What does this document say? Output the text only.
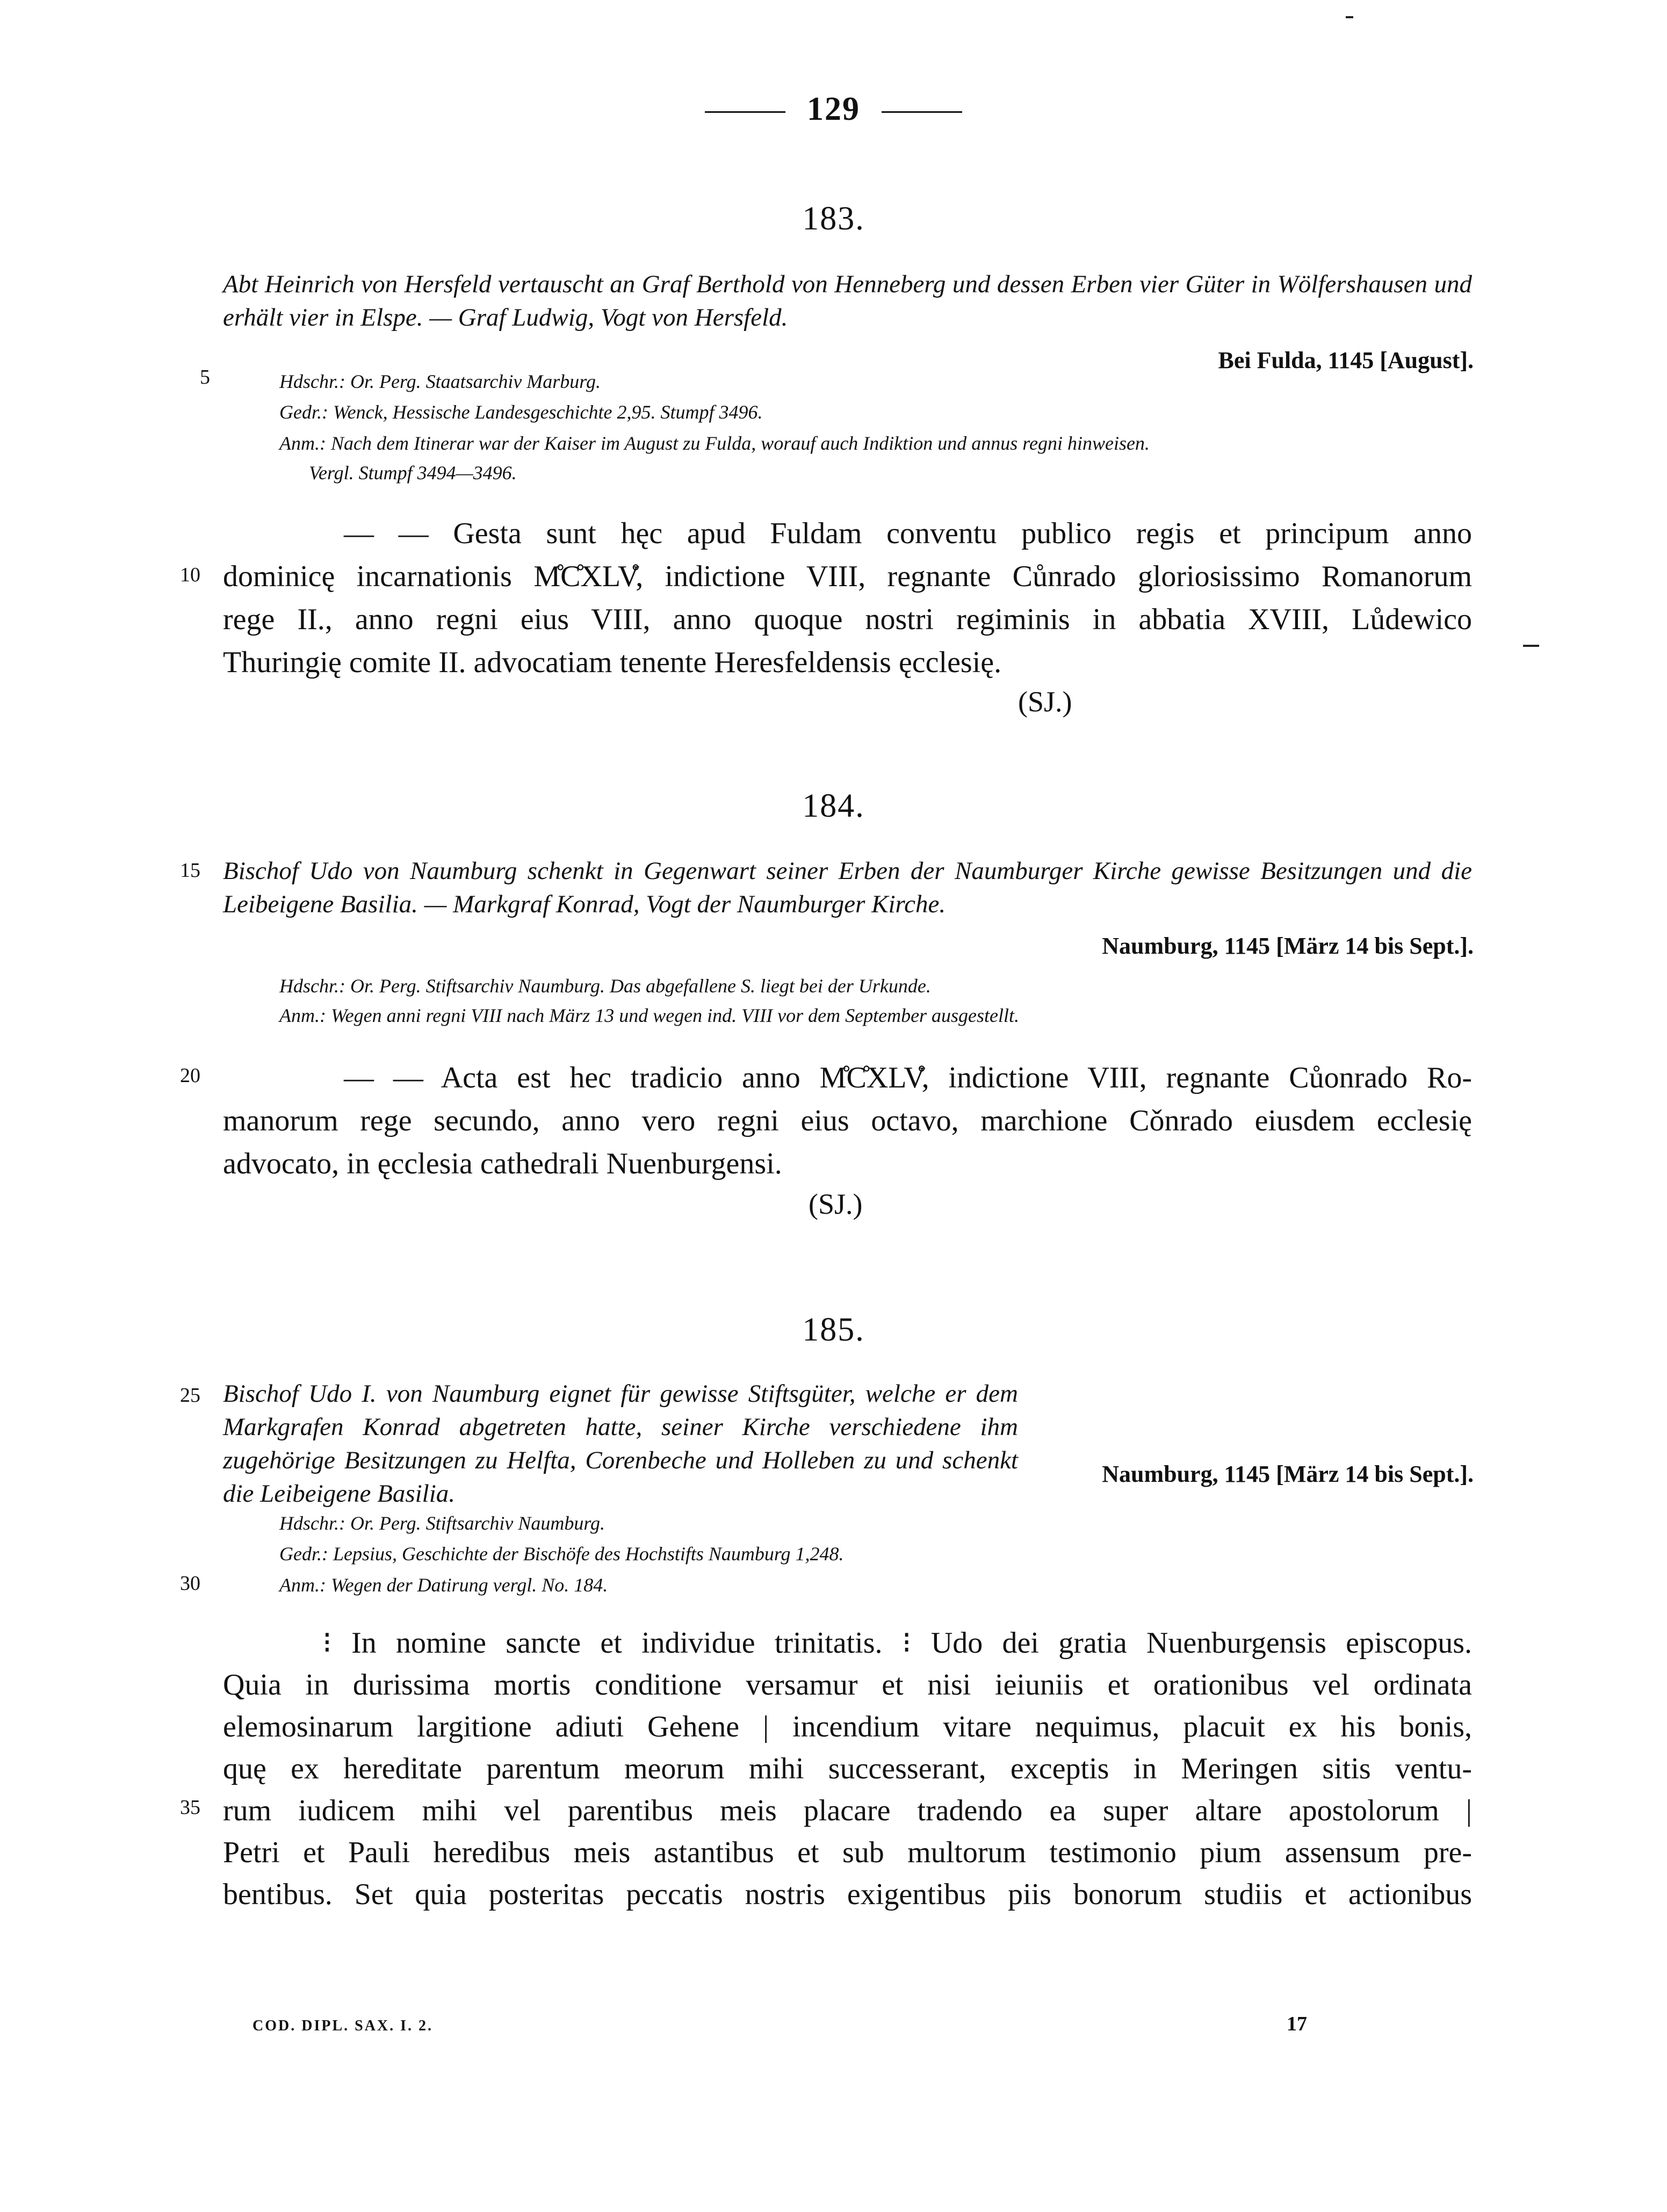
129
183.
Abt Heinrich von Hersfeld vertauscht an Graf Berthold von Henneberg und dessen Erben vier Güter in Wölfershausen und erhält vier in Elspe. — Graf Ludwig, Vogt von Hersfeld.
Bei Fulda, 1145 [August].
Hdschr.: Or. Perg. Staatsarchiv Marburg.
Gedr.: Wenck, Hessische Landesgeschichte 2,95. Stumpf 3496.
Anm.: Nach dem Itinerar war der Kaiser im August zu Fulda, worauf auch Indiktion und annus regni hinweisen.
Vergl. Stumpf 3494—3496.
— — Gesta sunt hęc apud Fuldam conventu publico regis et principum anno
dominicę incarnationis M̊C̊XLV̊, indictione VIII, regnante Cůnrado gloriosissimo Romanorum
rege II., anno regni eius VIII, anno quoque nostri regiminis in abbatia XVIII, Lůdewico
Thuringię comite II. advocatiam tenente Heresfeldensis ęcclesię.
(SJ.)
184.
Bischof Udo von Naumburg schenkt in Gegenwart seiner Erben der Naumburger Kirche gewisse Besitzungen und die Leibeigene Basilia. — Markgraf Konrad, Vogt der Naumburger Kirche.
Naumburg, 1145 [März 14 bis Sept.].
Hdschr.: Or. Perg. Stiftsarchiv Naumburg. Das abgefallene S. liegt bei der Urkunde.
Anm.: Wegen anni regni VIII nach März 13 und wegen ind. VIII vor dem September ausgestellt.
— — Acta est hec tradicio anno M̊C̊XLV̊, indictione VIII, regnante Cůonrado Ro-
manorum rege secundo, anno vero regni eius octavo, marchione Cǒnrado eiusdem ecclesię
advocato, in ęcclesia cathedrali Nuenburgensi.
(SJ.)
185.
Bischof Udo I. von Naumburg eignet für gewisse Stiftsgüter, welche er dem Markgrafen Konrad abgetreten hatte, seiner Kirche verschiedene ihm zugehörige Besitzungen zu Helfta, Corenbeche und Holleben zu und schenkt die Leibeigene Basilia.
Naumburg, 1145 [März 14 bis Sept.].
Hdschr.: Or. Perg. Stiftsarchiv Naumburg.
Gedr.: Lepsius, Geschichte der Bischöfe des Hochstifts Naumburg 1,248.
Anm.: Wegen der Datirung vergl. No. 184.
⁝ In nomine sancte et individue trinitatis. ⁝ Udo dei gratia Nuenburgensis episcopus.
Quia in durissima mortis conditione versamur et nisi ieiuniis et orationibus vel ordinata
elemosinarum largitione adiuti Gehene | incendium vitare nequimus, placuit ex his bonis,
quę ex hereditate parentum meorum mihi successerant, exceptis in Meringen sitis ventu-
rum iudicem mihi vel parentibus meis placare tradendo ea super altare apostolorum |
Petri et Pauli heredibus meis astantibus et sub multorum testimonio pium assensum pre-
bentibus. Set quia posteritas peccatis nostris exigentibus piis bonorum studiis et actionibus
5
10
15
20
25
30
35
COD. DIPL. SAX. I. 2.	17
